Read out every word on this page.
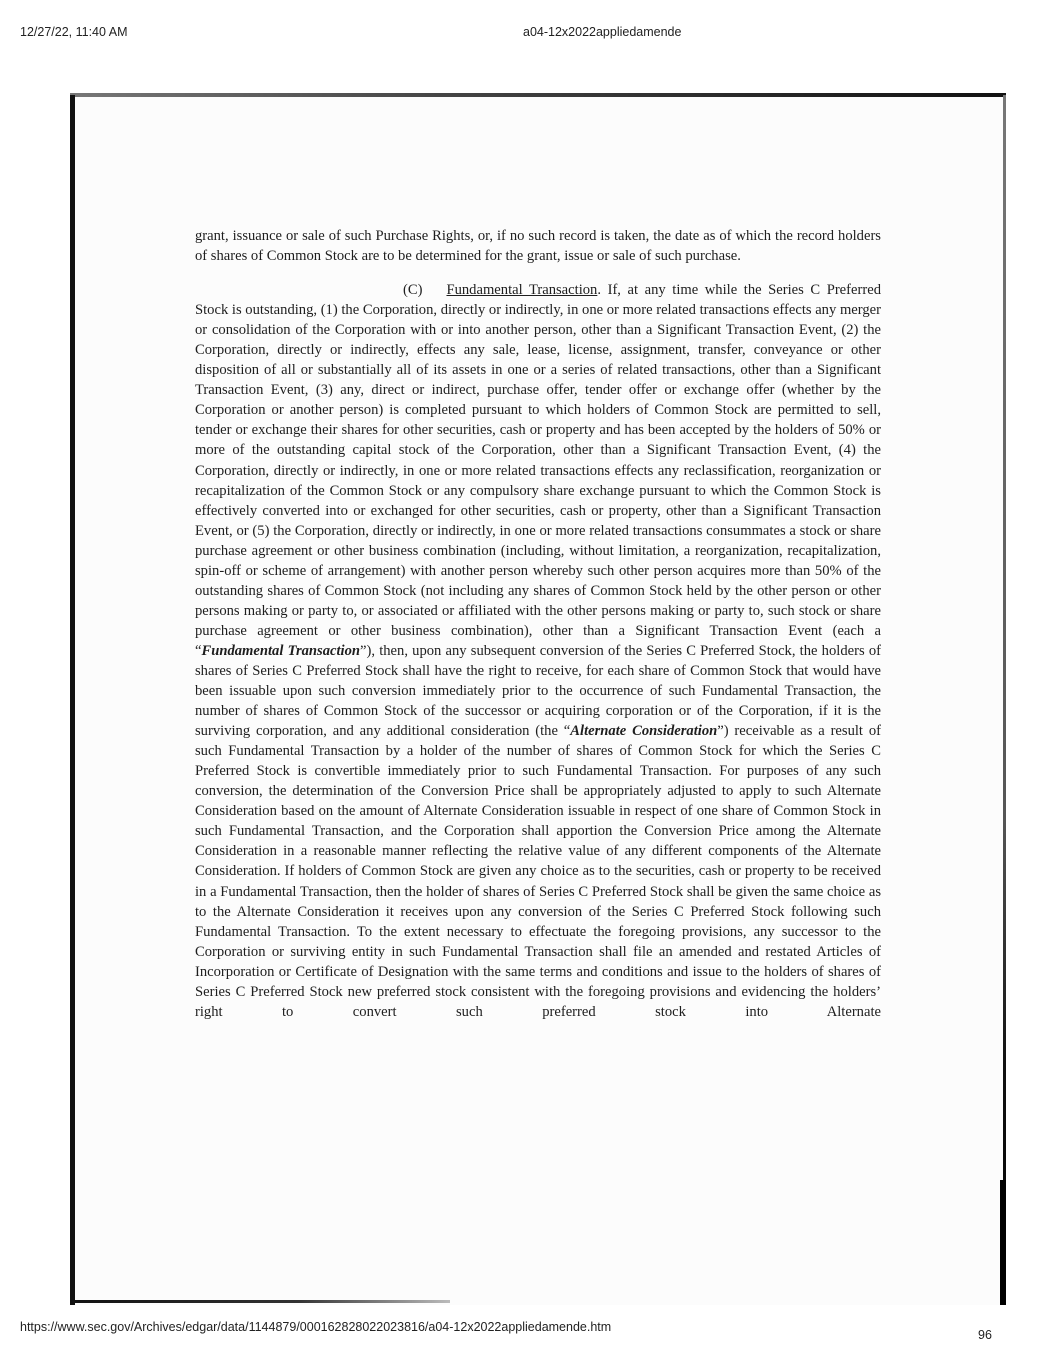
12/27/22, 11:40 AM	a04-12x2022appliedamende

grant, issuance or sale of such Purchase Rights, or, if no such record is taken, the date as of which the record holders of shares of Common Stock are to be determined for the grant, issue or sale of such purchase.

(C) Fundamental Transaction. If, at any time while the Series C Preferred Stock is outstanding, (1) the Corporation, directly or indirectly, in one or more related transactions effects any merger or consolidation of the Corporation with or into another person, other than a Significant Transaction Event, (2) the Corporation, directly or indirectly, effects any sale, lease, license, assignment, transfer, conveyance or other disposition of all or substantially all of its assets in one or a series of related transactions, other than a Significant Transaction Event, (3) any, direct or indirect, purchase offer, tender offer or exchange offer (whether by the Corporation or another person) is completed pursuant to which holders of Common Stock are permitted to sell, tender or exchange their shares for other securities, cash or property and has been accepted by the holders of 50% or more of the outstanding capital stock of the Corporation, other than a Significant Transaction Event, (4) the Corporation, directly or indirectly, in one or more related transactions effects any reclassification, reorganization or recapitalization of the Common Stock or any compulsory share exchange pursuant to which the Common Stock is effectively converted into or exchanged for other securities, cash or property, other than a Significant Transaction Event, or (5) the Corporation, directly or indirectly, in one or more related transactions consummates a stock or share purchase agreement or other business combination (including, without limitation, a reorganization, recapitalization, spin-off or scheme of arrangement) with another person whereby such other person acquires more than 50% of the outstanding shares of Common Stock (not including any shares of Common Stock held by the other person or other persons making or party to, or associated or affiliated with the other persons making or party to, such stock or share purchase agreement or other business combination), other than a Significant Transaction Event (each a “Fundamental Transaction”), then, upon any subsequent conversion of the Series C Preferred Stock, the holders of shares of Series C Preferred Stock shall have the right to receive, for each share of Common Stock that would have been issuable upon such conversion immediately prior to the occurrence of such Fundamental Transaction, the number of shares of Common Stock of the successor or acquiring corporation or of the Corporation, if it is the surviving corporation, and any additional consideration (the “Alternate Consideration”) receivable as a result of such Fundamental Transaction by a holder of the number of shares of Common Stock for which the Series C Preferred Stock is convertible immediately prior to such Fundamental Transaction. For purposes of any such conversion, the determination of the Conversion Price shall be appropriately adjusted to apply to such Alternate Consideration based on the amount of Alternate Consideration issuable in respect of one share of Common Stock in such Fundamental Transaction, and the Corporation shall apportion the Conversion Price among the Alternate Consideration in a reasonable manner reflecting the relative value of any different components of the Alternate Consideration. If holders of Common Stock are given any choice as to the securities, cash or property to be received in a Fundamental Transaction, then the holder of shares of Series C Preferred Stock shall be given the same choice as to the Alternate Consideration it receives upon any conversion of the Series C Preferred Stock following such Fundamental Transaction. To the extent necessary to effectuate the foregoing provisions, any successor to the Corporation or surviving entity in such Fundamental Transaction shall file an amended and restated Articles of Incorporation or Certificate of Designation with the same terms and conditions and issue to the holders of shares of Series C Preferred Stock new preferred stock consistent with the foregoing provisions and evidencing the holders’ right to convert such preferred stock into Alternate

https://www.sec.gov/Archives/edgar/data/1144879/000162828022023816/a04-12x2022appliedamende.htm
96
